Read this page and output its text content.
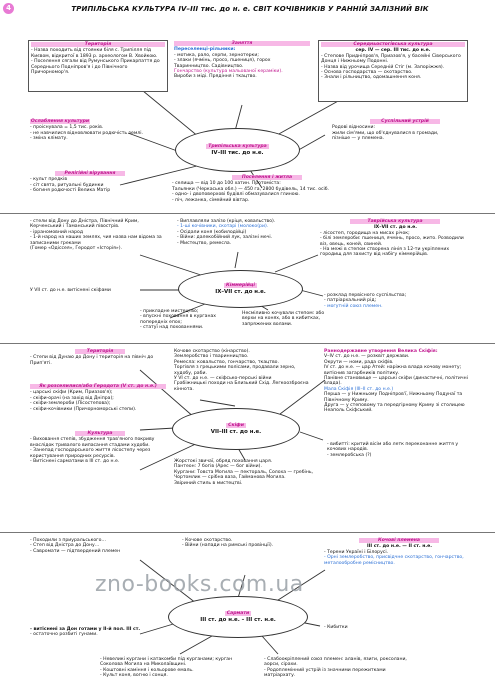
4	ТРИПІЛЬСЬКА КУЛЬТУРА IV–III тис. до н. е. СВІТ КОЧІВНИКІВ У РАННІЙ ЗАЛІЗНИЙ ВІК
Територія
- Назва походить від стоянки біля с. Трипілля під Києвом, відкритої в 1893 р. археологом В. Хвойкою.
- Поселення сягали від Румунського Прикарпаття до Середнього Подніпров'я і до Північного Причорномор'я.
Заняття
Переселенці-рільники:
- мотика, рало, серпи, зернотерки;
- злаки (ячмінь, просо, пшениця), горох
Тваринництво. Садівництво.
Гончарство (культура мальованої кераміки).
Вироби з міді. Прядіння і ткацтво.
Середньостогівська культура
сер. IV — сер. III тис. до н.е.
- Степове Придніпров'я, Приазов'я, у басейні Сіверського Донця і Нижньому Подонні.
- Назва від урочища Середній Стіг (м. Запоріжжя).
- Основа господарства — скотарство.
- Знали і рільництво, одомашнення коня.
Ослаблення культури
- проіснувала = 1,5 тис. років.
- не навчилися відновлювати родючість землі.
- зміна клімату.
Трипільська культура
IV–III тис. до н.е.
Суспільний устрій
Родові відносини:
жили сім'ями, що об'єднувалися в громади,
пізніше — у племена.
Релігійні вірування
- культ предків
- сіт свята, ритуальні будинки
- богиня родючості Велика Матір
Поселення і житла
- селища — від 10 до 100 хатин. Протоміста:
Тальянки (Черкаська обл.) — 450 га, 2800 будівель, 14 тис. осіб.
- одно- і двоповерхові будівлі обмазувалися глиною.
- піч, лежанка, сімейний вівтар.
- стели від Дону до Дністра, Північний Крим, Керченський і Таманський півострів.
- ірраномовний народ
- 1-й народ на наших землях, чия назва нам відома за записаними греками
(Гомер «Одіссея», Геродот «Історія»).
- Виплавляли залізо (кріця, ковальство).
- 1-ші кочівники, скотарі (молоко(ри).
- Осідали коня (кобилодійці)
- Війни: далекобійний лук, залізні мечі.
- Мистецтво, ремесла.
Таврійська культура
IX–VII ст. до н.е.
- лісостеп, городища на мисах річок;
- білі землероби: пшениця, ячмінь, просо, жито. Розводили віз, овець, коней, свиней.
- На межі в степом створена лінія з 12-ти укріплених городищ для захисту від набігу кіммерійців.
Кіммерійці
IX–VII ст. до н.е.
У VII ст. до н.е. витіснені скіфами
- розклад первісного суспільства;
- патріархальний рід;
- могутній союз племен.
- прикладне мистецтво;
- впускні поховання в курганах попередніх епох;
- статуї над похованнями.
Несміливно кочували степом: або верхи на конях, або в кибитках, запряжених волами.
Територія
- Степи від Дунаю до Дону і територія на північ до Прип'яті.
Як розселилися/або Геродота (V ст. до н.е.)
- царські скіфи (Крим, Приазов'я);
- скіфи-орачі (на захід від Дніпра);
- скіфи-землероби (Лісостепова);
- скіфи-кочівники (Причорноморські степи).
Кочове скотарство (кінарство).
Землеробство і тваринництво.
Ремесла: ковальство, гончарство, ткацтво.
Торгівля з грецькими полісами, продавали зерно, худобу, раби.
У VI ст. до н.е. — скіфсько-перські війни
Грабіжницькі походи на Близький Схід. Легкоозброєна кіннота.
Раннодержавне утворення Велика Скіфія:
V–IV ст. до н.е. — розквіт держави.
Окрути — номи, рада скіфів.
IV ст. до н.е. — цар Атей: наріжна влада кочову монету; витіснив загарбників політику.
Панівне становище — царські скіфи (династичні, політичні влада).
Мала Скіфія (ІІІ–ІІ ст. до н.е.)
Перша — у Нижньому Подніпров'ї, Нижньому Подунаї та Північному Криму.
Друга — у степовому та передгірному Криму зі столицею Неаполь Скіфський.
Скіфи
VII–III ст. до н.е.
Культура
- Виховання степів, збудження трав'яного покриву внаслідок тривалого випасання стадами худоби.
- Занепад господарського життя лісостепу через користування природних ресурсів.
- Витіснені сарматами в ІІІ ст. до н.е.
- вибитті: критий вісім або летк переконанне життя у кочових народів.
- землеробська (?)
Жорстокі звичаї, обряд поховання царя.
Пантеон: 7 богів (Арес — бог війни).
Кургани: Товста Могила — пектораль, Солоха — гребінь, Чортомлик — срібна ваза, Гайманова Могила.
Звіриний стиль в мистецтві.
- Походили з приуральського…
- Степ від Дністра до Дону…
- Савромати — підтвердений племен
- Кочове скотарство.
- Війни (напади на римські провінції).
Кочові племена
III ст. до н.е. — II ст. н.е.
- Терени Україні і Білорусі.
- Орні землеробство, присвідчне скотарство, гончарство, металообробне ремісництво.
Сармати
III ст. до н.е. – III ст. н.е.
- витіснені за Дон готами у ІІ-й пол. ІІІ ст.
- остаточно розбиті гунами.
- Кибитки
- Невеликі кургани і катакомби під курганами; курган Соколова Могила на Миколаївщині.
- Коштовні каміння і кольорове емаль.
- Культ коня, вогню і сонця.
- Слабоокріплений союз племен: аланів, язиги, роксолани, аорси, сірахи.
- Родоплемінний устрій із значними пережитками матріархату.
zno-books.com.ua
